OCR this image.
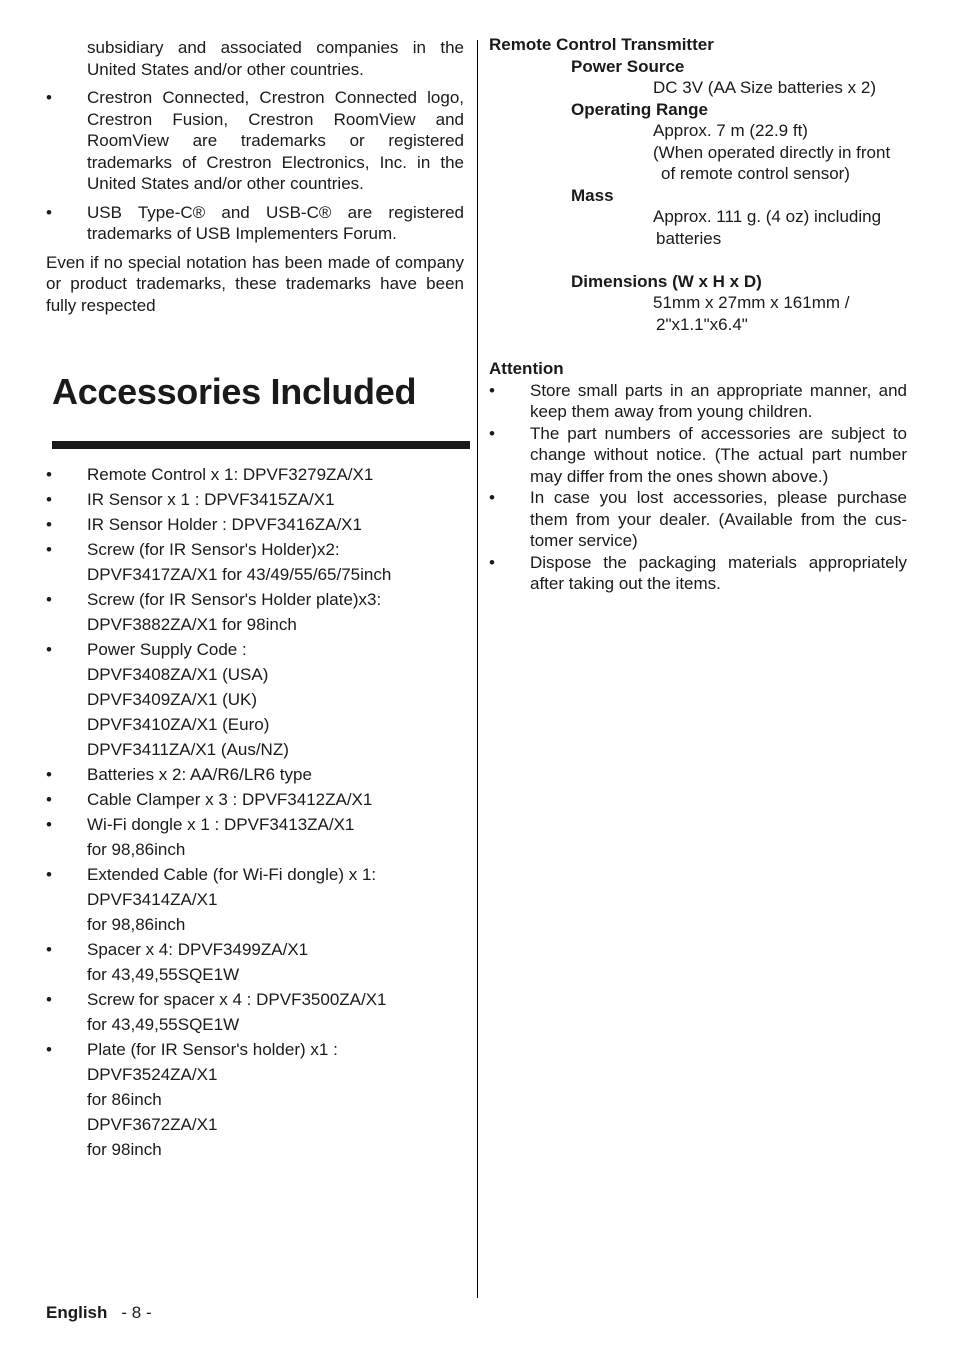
subsidiary and associated companies in the United States and/or other countries.
• Crestron Connected, Crestron Connected logo, Crestron Fusion, Crestron RoomView and RoomView are trademarks or registered trademarks of Crestron Electronics, Inc. in the United States and/or other countries.
• USB Type-C® and USB-C® are registered trademarks of USB Implementers Forum.
Even if no special notation has been made of company or product trademarks, these trademarks have been fully respected
Accessories Included
• Remote Control x 1: DPVF3279ZA/X1
• IR Sensor x 1 : DPVF3415ZA/X1
• IR Sensor Holder : DPVF3416ZA/X1
• Screw (for IR Sensor's Holder)x2:
DPVF3417ZA/X1 for 43/49/55/65/75inch
• Screw (for IR Sensor's Holder plate)x3:
DPVF3882ZA/X1 for 98inch
• Power Supply Code :
DPVF3408ZA/X1 (USA)
DPVF3409ZA/X1 (UK)
DPVF3410ZA/X1 (Euro)
DPVF3411ZA/X1 (Aus/NZ)
• Batteries x 2: AA/R6/LR6 type
• Cable Clamper x 3 : DPVF3412ZA/X1
• Wi-Fi dongle x 1 : DPVF3413ZA/X1
for 98,86inch
• Extended Cable (for Wi-Fi dongle) x 1:
DPVF3414ZA/X1
for 98,86inch
• Spacer x 4: DPVF3499ZA/X1
for 43,49,55SQE1W
• Screw for spacer x 4 : DPVF3500ZA/X1
for 43,49,55SQE1W
• Plate (for IR Sensor's holder) x1 :
DPVF3524ZA/X1
for 86inch
DPVF3672ZA/X1
for 98inch
Remote Control Transmitter
Power Source
DC 3V (AA Size batteries x 2)
Operating Range
Approx. 7 m (22.9 ft)
(When operated directly in front
of remote control sensor)
Mass
Approx. 111 g. (4 oz) including
batteries
Dimensions (W x H x D)
51mm x 27mm x 161mm /
2"x1.1"x6.4"
Attention
• Store small parts in an appropriate manner, and keep them away from young children.
• The part numbers of accessories are subject to change without notice. (The actual part number may differ from the ones shown above.)
• In case you lost accessories, please purchase them from your dealer. (Available from the cus-tomer service)
• Dispose the packaging materials appropriately after taking out the items.
English - 8 -
